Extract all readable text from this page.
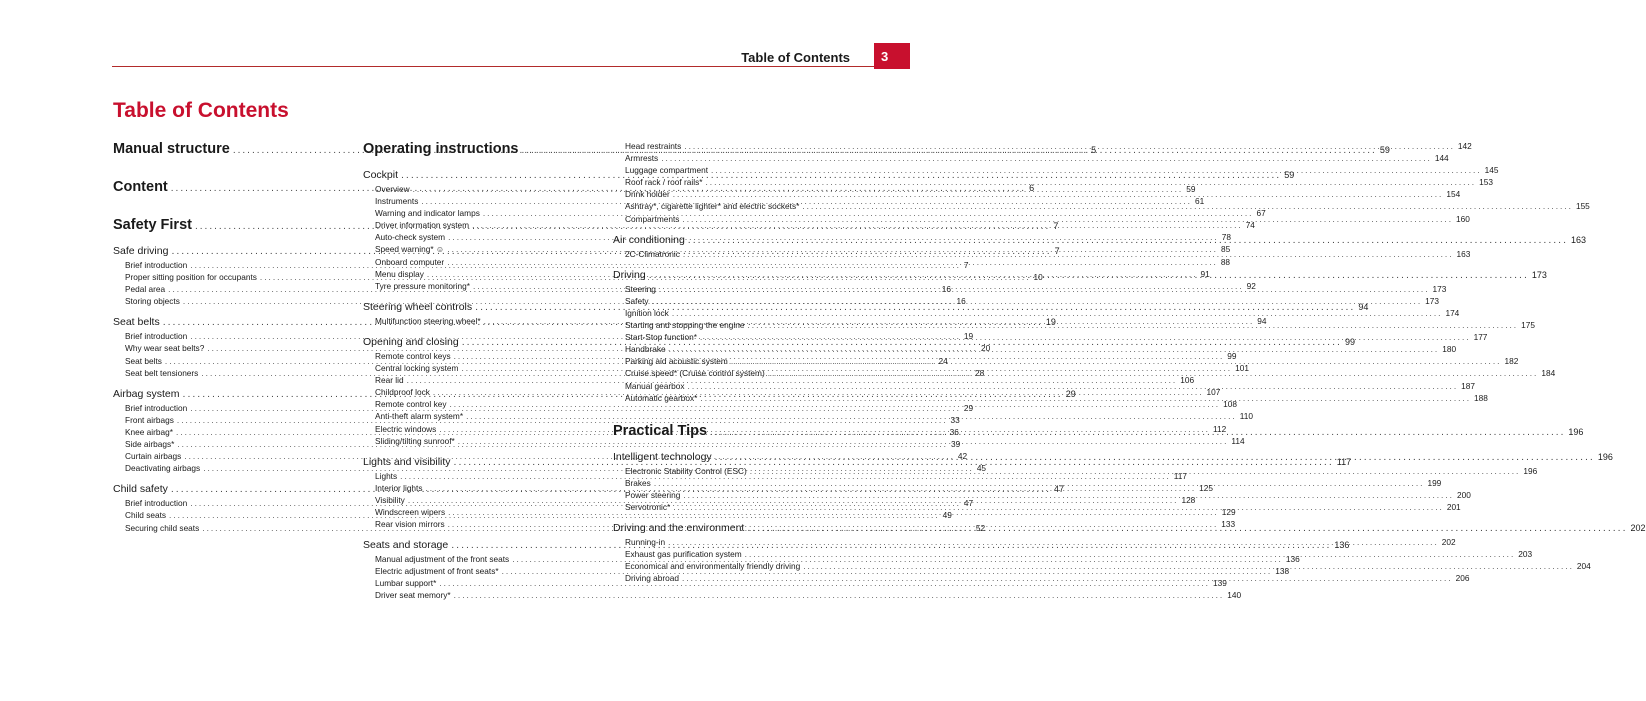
Table of Contents	3
Table of Contents
Manual structure .....	5
Content .....	6
Safety First .....	7
Safe driving .....	7
Brief introduction .....	7
Proper sitting position for occupants .....	10
Pedal area .....	16
Storing objects .....	16
Seat belts .....	19
Brief introduction .....	19
Why wear seat belts? .....	20
Seat belts .....	24
Seat belt tensioners .....	28
Airbag system .....	29
Brief introduction .....	29
Front airbags .....	33
Knee airbag* .....	36
Side airbags* .....	39
Curtain airbags .....	42
Deactivating airbags .....	45
Child safety .....	47
Brief introduction .....	47
Child seats .....	49
Securing child seats .....	52
Operating instructions .....	59
Cockpit .....	59
Overview .....	59
Instruments .....	61
Warning and indicator lamps .....	67
Driver information system .....	74
Auto-check system .....	78
Speed warning* ☺ .....	85
Onboard computer .....	88
Menu display .....	91
Tyre pressure monitoring* .....	92
Steering wheel controls .....	94
Multifunction steering wheel* .....	94
Opening and closing .....	99
Remote control keys .....	99
Central locking system .....	101
Rear lid .....	106
Childproof lock .....	107
Remote control key .....	108
Anti-theft alarm system* .....	110
Electric windows .....	112
Sliding/tilting sunroof* .....	114
Lights and visibility .....	117
Lights .....	117
Interior lights .....	125
Visibility .....	128
Windscreen wipers .....	129
Rear vision mirrors .....	133
Seats and storage .....	136
Manual adjustment of the front seats .....	136
Electric adjustment of front seats* .....	138
Lumbar support* .....	139
Driver seat memory* .....	140
Head restraints .....	142
Armrests .....	144
Luggage compartment .....	145
Roof rack / roof rails* .....	153
Drink holder .....	154
Ashtray*, cigarette lighter* and electric sockets* .....	155
Compartments .....	160
Air conditioning .....	163
2C-Climatronic .....	163
Driving .....	173
Steering .....	173
Safety .....	173
Ignition lock .....	174
Starting and stopping the engine .....	175
Start-Stop function* .....	177
Handbrake .....	180
Parking aid acoustic system .....	182
Cruise speed* (Cruise control system) .....	184
Manual gearbox .....	187
Automatic gearbox* .....	188
Practical Tips .....	196
Intelligent technology .....	196
Electronic Stability Control (ESC) .....	196
Brakes .....	199
Power steering .....	200
Servotronic* .....	201
Driving and the environment .....	202
Running-in .....	202
Exhaust gas purification system .....	203
Economical and environmentally friendly driving .....	204
Driving abroad .....	206
